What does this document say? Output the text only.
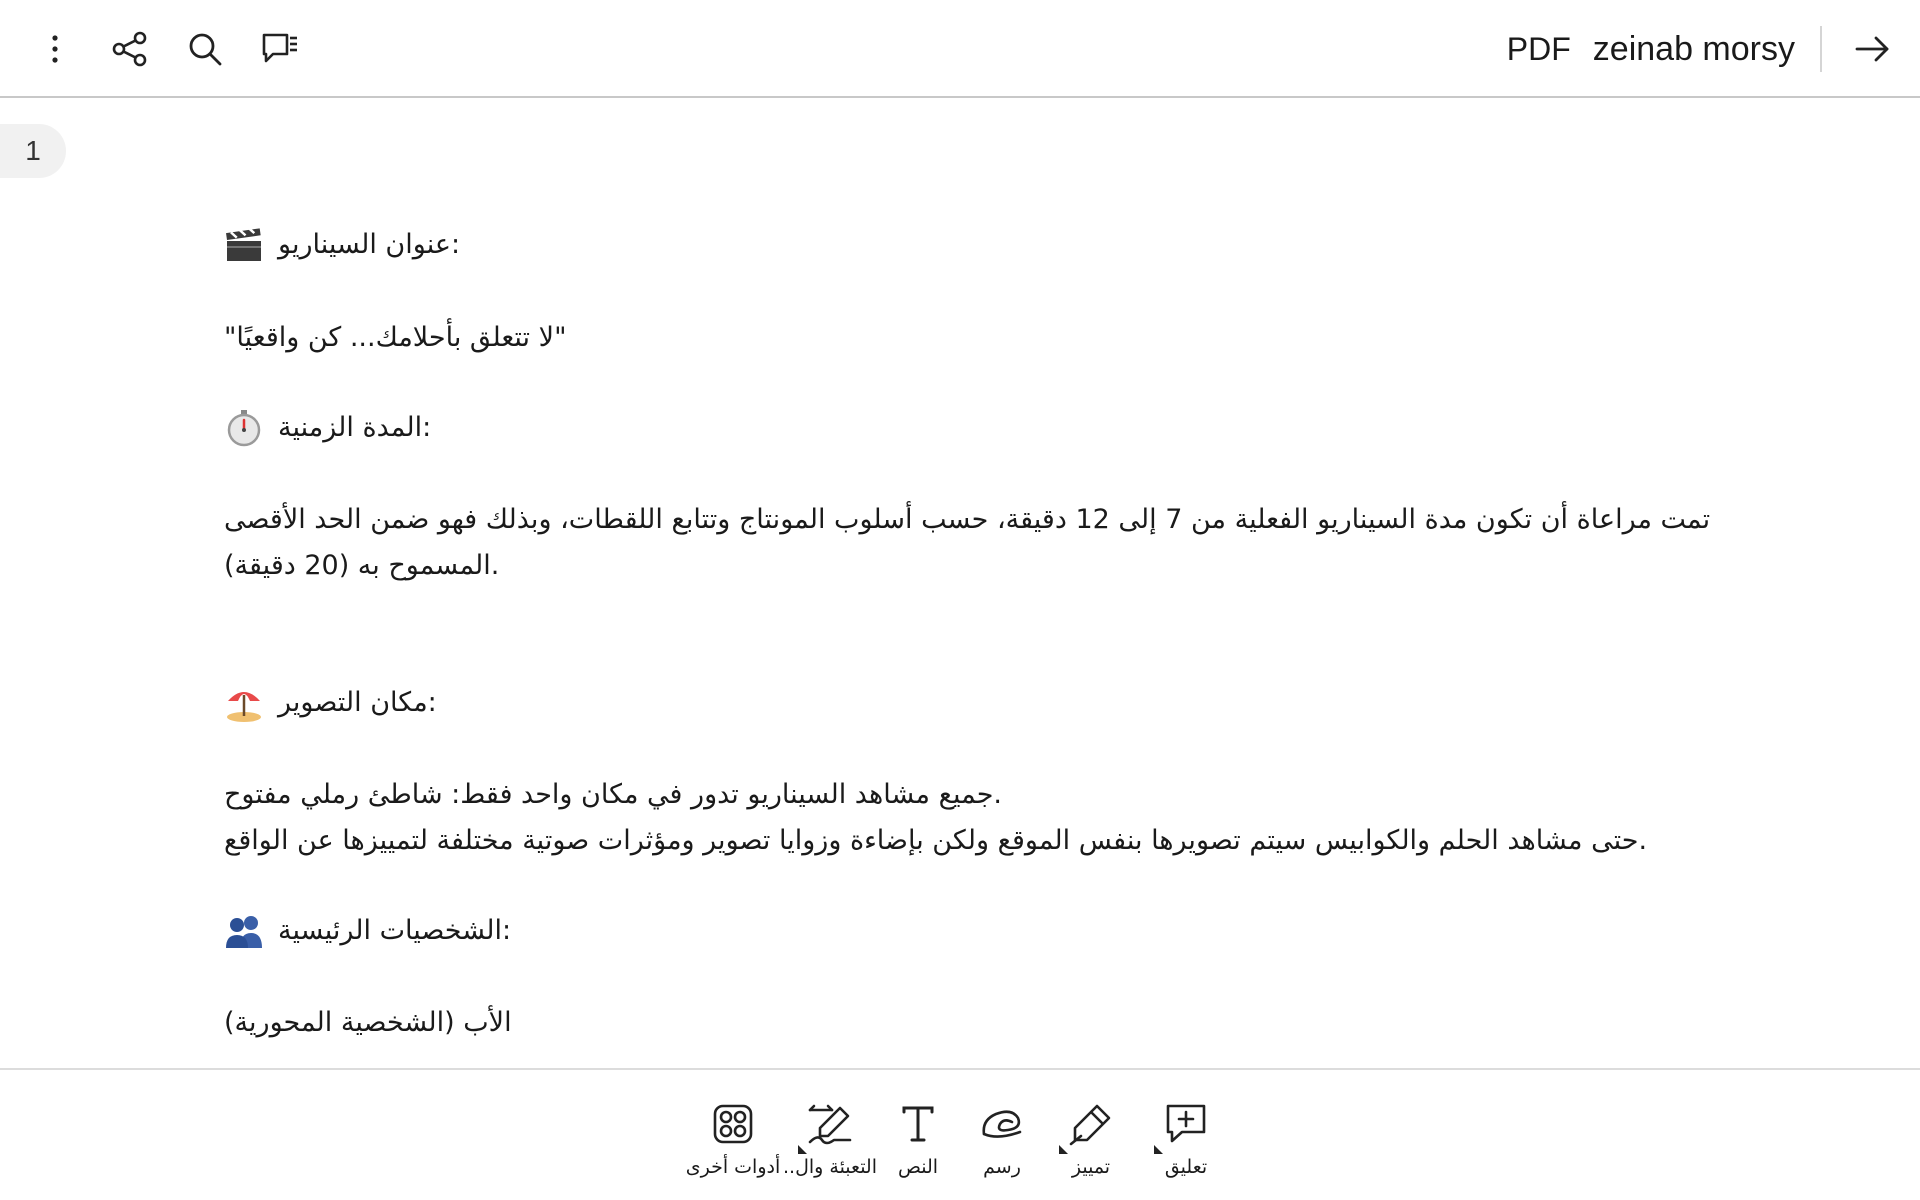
PDF zeinab morsy
1
عنوان السيناريو:
"لا تتعلق بأحلامك... كن واقعيًا"
المدة الزمنية:
تمت مراعاة أن تكون مدة السيناريو الفعلية من 7 إلى 12 دقيقة، حسب أسلوب المونتاج وتتابع اللقطات، وبذلك فهو ضمن الحد الأقصى
المسموح به (20 دقيقة).
مكان التصوير:
جميع مشاهد السيناريو تدور في مكان واحد فقط: شاطئ رملي مفتوح.
حتى مشاهد الحلم والكوابيس سيتم تصويرها بنفس الموقع ولكن بإضاءة وزوايا تصوير ومؤثرات صوتية مختلفة لتمييزها عن الواقع.
الشخصيات الرئيسية:
الأب (الشخصية المحورية)
تعليق
تمييز
رسم
النص
التعبئة وال..
أدوات أخرى
